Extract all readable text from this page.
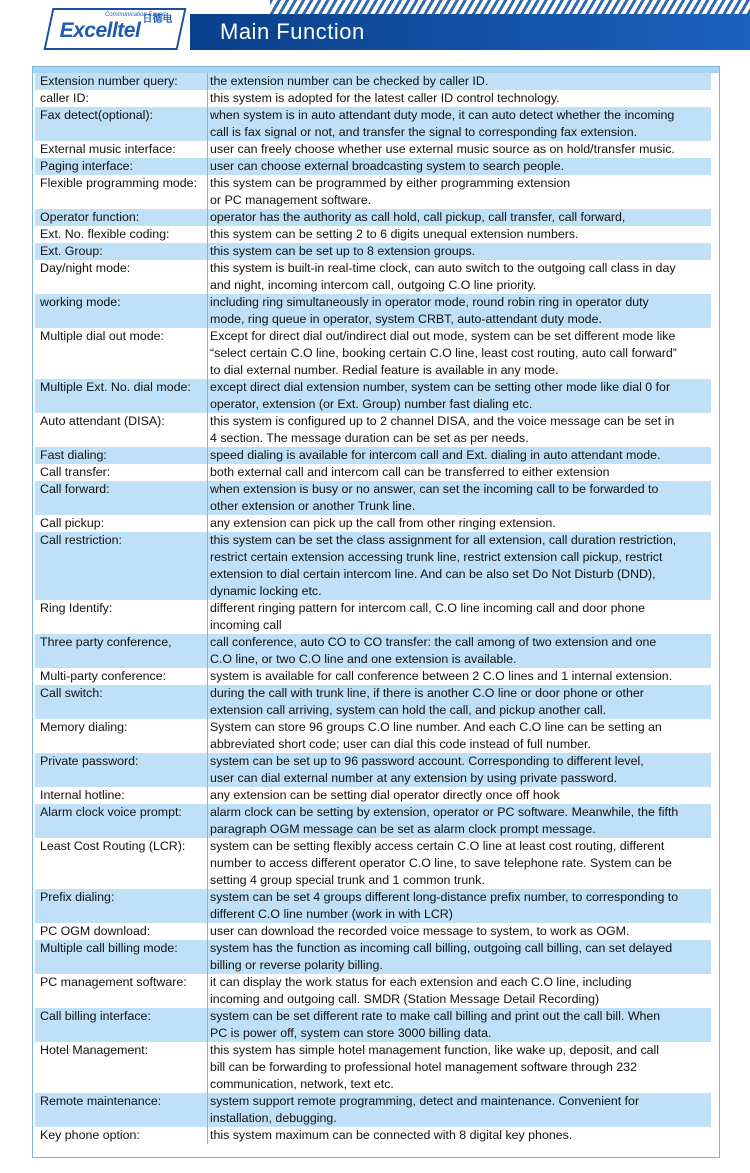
Main Function
Communication Expert
日德电
Excelltel
Extension number query:	the extension number can be checked by caller ID.
caller ID:	this system is adopted for the latest caller ID control technology.
Fax detect(optional):	when system is in auto attendant duty mode, it can auto detect whether the incoming
call is fax signal or not, and transfer the signal to corresponding fax extension.
External music interface:	user can freely choose whether use external music source as on hold/transfer music.
Paging interface:	user can choose external broadcasting system to search people.
Flexible programming mode:	this system can be programmed by either programming extension
or PC management software.
Operator function:	operator has the authority as call hold, call pickup, call transfer, call forward,
Ext. No. flexible coding:	this system can be setting 2 to 6 digits unequal extension numbers.
Ext. Group:	this system can be set up to 8 extension groups.
Day/night mode:	this system is built-in real-time clock, can auto switch to the outgoing call class in day
and night, incoming intercom call, outgoing C.O line priority.
working mode:	including ring simultaneously in operator mode, round robin ring in operator duty
mode, ring queue in operator, system CRBT, auto-attendant duty mode.
Multiple dial out mode:	Except for direct dial out/indirect dial out mode, system can be set different mode like
“select certain C.O line, booking certain C.O line, least cost routing, auto call forward”
to dial external number. Redial feature is available in any mode.
Multiple Ext. No. dial mode:	except direct dial extension number, system can be setting other mode like dial 0 for
operator, extension (or Ext. Group) number fast dialing etc.
Auto attendant (DISA):	this system is configured up to 2 channel DISA, and the voice message can be set in
4 section. The message duration can be set as per needs.
Fast dialing:	speed dialing is available for intercom call and Ext. dialing in auto attendant mode.
Call transfer:	both external call and intercom call can be transferred to either extension
Call forward:	when extension is busy or no answer, can set the incoming call to be forwarded to
other extension or another Trunk line.
Call pickup:	any extension can pick up the call from other ringing extension.
Call restriction:	this system can be set the class assignment for all extension, call duration restriction,
restrict certain extension accessing trunk line, restrict extension call pickup, restrict
extension to dial certain intercom line. And can be also set Do Not Disturb (DND),
dynamic locking etc.
Ring Identify:	different ringing pattern for intercom call, C.O line incoming call and door phone
incoming call
Three party conference,	call conference, auto CO to CO transfer: the call among of two extension and one
C.O line, or two C.O line and one extension is available.
Multi-party conference:	system is available for call conference between 2 C.O lines and 1 internal extension.
Call switch:	during the call with trunk line, if there is another C.O line or door phone or other
extension call arriving, system can hold the call, and pickup another call.
Memory dialing:	System can store 96 groups C.O line number. And each C.O line can be setting an
abbreviated short code; user can dial this code instead of full number.
Private password:	system can be set up to 96 password account. Corresponding to different level,
user can dial external number at any extension by using private password.
Internal hotline:	any extension can be setting dial operator directly once off hook
Alarm clock voice prompt:	alarm clock can be setting by extension, operator or PC software. Meanwhile, the fifth
paragraph OGM message can be set as alarm clock prompt message.
Least Cost Routing (LCR):	system can be setting flexibly access certain C.O line at least cost routing, different
number to access different operator C.O line, to save telephone rate. System can be
setting 4 group special trunk and 1 common trunk.
Prefix dialing:	system can be set 4 groups different long-distance prefix number, to corresponding to
different C.O line number (work in with LCR)
PC OGM download:	user can download the recorded voice message to system, to work as OGM.
Multiple call billing mode:	system has the function as incoming call billing, outgoing call billing, can set delayed
billing or reverse polarity billing.
PC management software:	it can display the work status for each extension and each C.O line, including
incoming and outgoing call. SMDR (Station Message Detail Recording)
Call billing interface:	system can be set different rate to make call billing and print out the call bill. When
PC is power off, system can store 3000 billing data.
Hotel Management:	this system has simple hotel management function, like wake up, deposit, and call
bill can be forwarding to professional hotel management software through 232
communication, network, text etc.
Remote maintenance:	system support remote programming, detect and maintenance. Convenient for
installation, debugging.
Key phone option:	this system maximum can be connected with 8 digital key phones.
